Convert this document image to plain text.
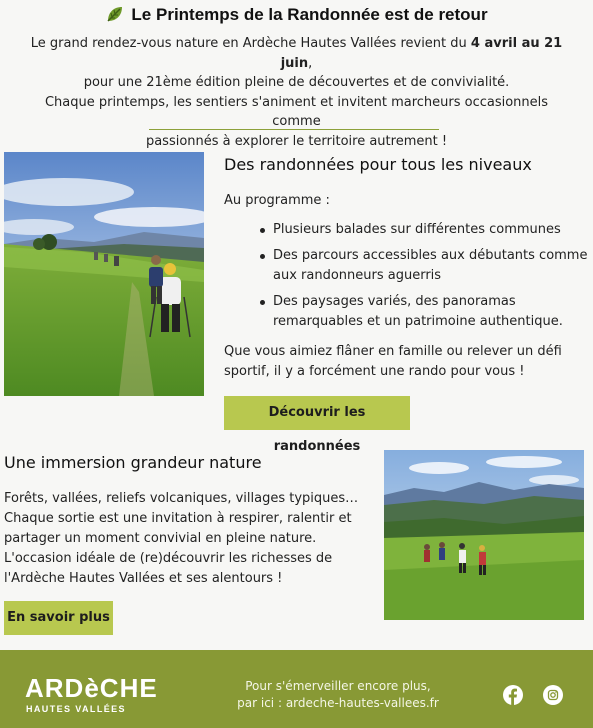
Le Printemps de la Randonnée est de retour
Le grand rendez-vous nature en Ardèche Hautes Vallées revient du 4 avril au 21 juin,
pour une 21ème édition pleine de découvertes et de convivialité.
Chaque printemps, les sentiers s'animent et invitent marcheurs occasionnels comme
passionnés à explorer le territoire autrement !
Des randonnées pour tous les niveaux
Au programme :
Plusieurs balades sur différentes communes
Des parcours accessibles aux débutants comme aux randonneurs aguerris
Des paysages variés, des panoramas remarquables et un patrimoine authentique.
Que vous aimiez flâner en famille ou relever un défi sportif, il y a forcément une rando pour vous !
Découvrir les randonnées
Une immersion grandeur nature
Forêts, vallées, reliefs volcaniques, villages typiques… Chaque sortie est une invitation à respirer, ralentir et partager un moment convivial en pleine nature. L'occasion idéale de (re)découvrir les richesses de l'Ardèche Hautes Vallées et ses alentours !
En savoir plus
ARDèCHE
HAUTES VALLÉES
Pour s'émerveiller encore plus,
par ici : ardeche-hautes-vallees.fr
